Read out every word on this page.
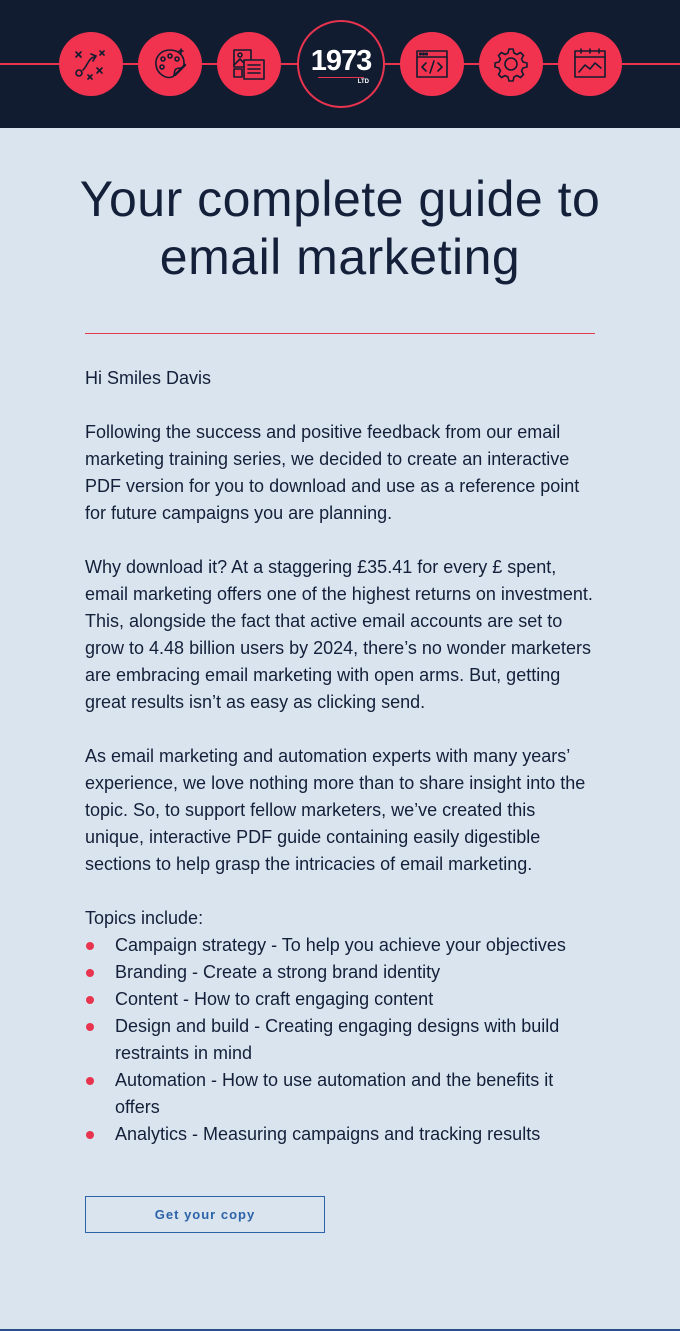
1973
LTD
Your complete guide to email marketing

Hi Smiles Davis

Following the success and positive feedback from our email marketing training series, we decided to create an interactive PDF version for you to download and use as a reference point for future campaigns you are planning.

Why download it? At a staggering £35.41 for every £ spent, email marketing offers one of the highest returns on investment. This, alongside the fact that active email accounts are set to grow to 4.48 billion users by 2024, there’s no wonder marketers are embracing email marketing with open arms. But, getting great results isn’t as easy as clicking send.

As email marketing and automation experts with many years’ experience, we love nothing more than to share insight into the topic. So, to support fellow marketers, we’ve created this unique, interactive PDF guide containing easily digestible sections to help grasp the intricacies of email marketing.

Topics include:

Campaign strategy - To help you achieve your objectives
Branding - Create a strong brand identity
Content - How to craft engaging content
Design and build - Creating engaging designs with build restraints in mind
Automation - How to use automation and the benefits it offers
Analytics - Measuring campaigns and tracking results
Get your copy
